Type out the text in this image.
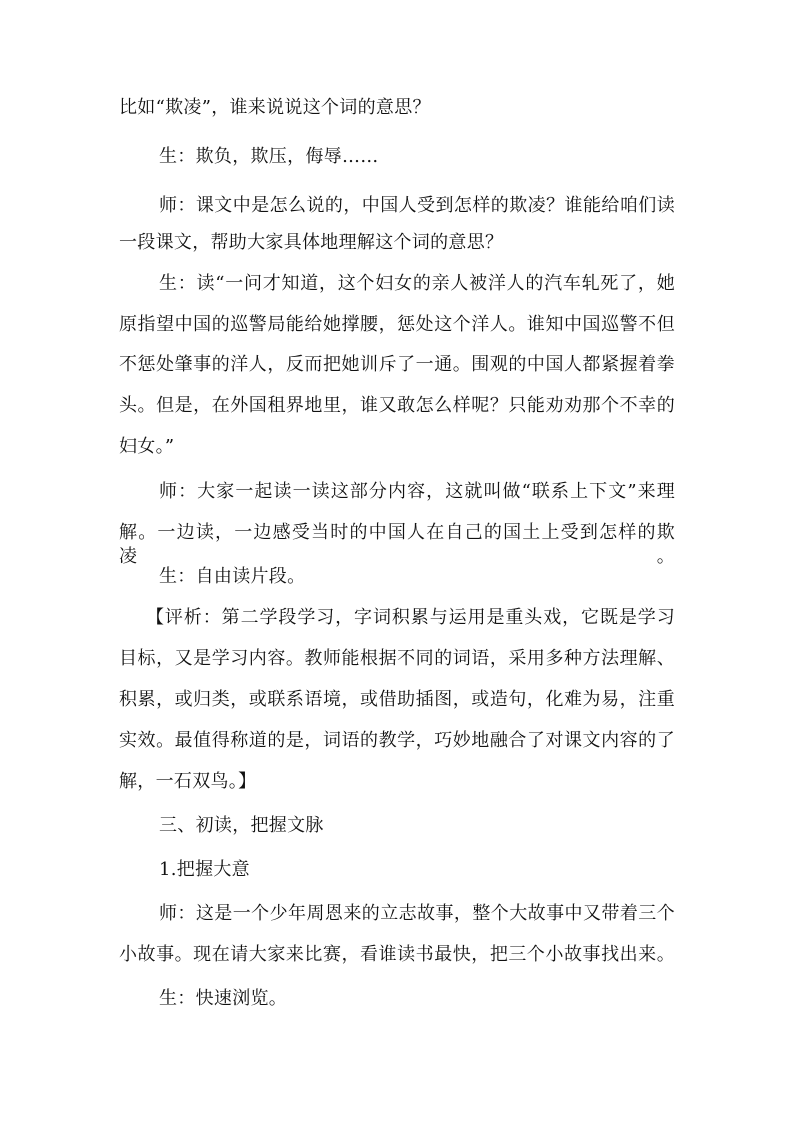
比如“欺凌”，谁来说说这个词的意思？
生：欺负，欺压，侮辱……
师：课文中是怎么说的，中国人受到怎样的欺凌？谁能给咱们读
一段课文，帮助大家具体地理解这个词的意思？
生：读“一问才知道，这个妇女的亲人被洋人的汽车轧死了，她
原指望中国的巡警局能给她撑腰，惩处这个洋人。谁知中国巡警不但
不惩处肇事的洋人，反而把她训斥了一通。围观的中国人都紧握着拳
头。但是，在外国租界地里，谁又敢怎么样呢？只能劝劝那个不幸的
妇女。”
师：大家一起读一读这部分内容，这就叫做“联系上下文”来理
解。一边读，一边感受当时的中国人在自己的国土上受到怎样的欺凌。
生：自由读片段。
【评析：第二学段学习，字词积累与运用是重头戏，它既是学习
目标，又是学习内容。教师能根据不同的词语，采用多种方法理解、
积累，或归类，或联系语境，或借助插图，或造句，化难为易，注重
实效。最值得称道的是，词语的教学，巧妙地融合了对课文内容的了
解，一石双鸟。】
三、初读，把握文脉
1.把握大意
师：这是一个少年周恩来的立志故事，整个大故事中又带着三个
小故事。现在请大家来比赛，看谁读书最快，把三个小故事找出来。
生：快速浏览。
